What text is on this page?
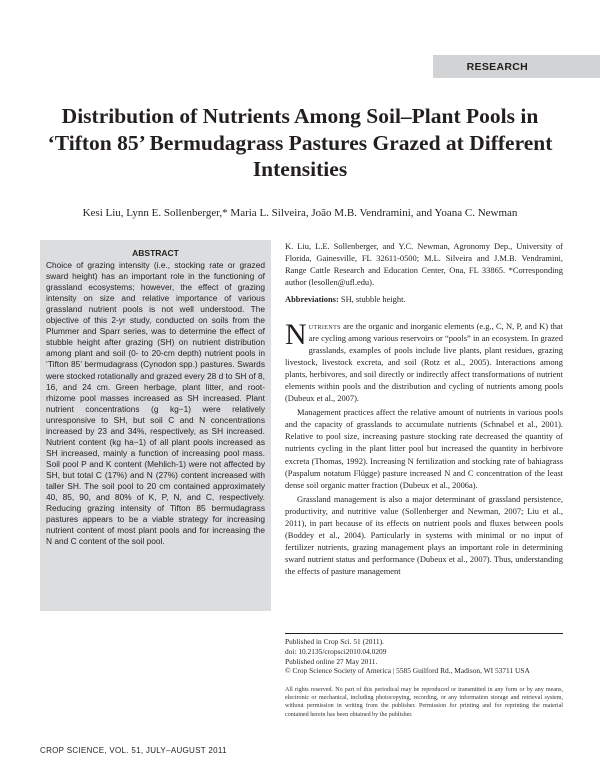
RESEARCH
Distribution of Nutrients Among Soil–Plant Pools in ‘Tifton 85’ Bermudagrass Pastures Grazed at Different Intensities
Kesi Liu, Lynn E. Sollenberger,* Maria L. Silveira, João M.B. Vendramini, and Yoana C. Newman
ABSTRACT
Choice of grazing intensity (i.e., stocking rate or grazed sward height) has an important role in the functioning of grassland ecosystems; however, the effect of grazing intensity on size and relative importance of various grassland nutrient pools is not well understood. The objective of this 2-yr study, conducted on soils from the Plummer and Sparr series, was to determine the effect of stubble height after grazing (SH) on nutrient distribution among plant and soil (0- to 20-cm depth) nutrient pools in ‘Tifton 85’ bermudagrass (Cynodon spp.) pastures. Swards were stocked rotationally and grazed every 28 d to SH of 8, 16, and 24 cm. Green herbage, plant litter, and root-rhizome pool masses increased as SH increased. Plant nutrient concentrations (g kg−1) were relatively unresponsive to SH, but soil C and N concentrations increased by 23 and 34%, respectively, as SH increased. Nutrient content (kg ha−1) of all plant pools increased as SH increased, mainly a function of increasing pool mass. Soil pool P and K content (Mehlich-1) were not affected by SH, but total C (17%) and N (27%) content increased with taller SH. The soil pool to 20 cm contained approximately 40, 85, 90, and 80% of K, P, N, and C, respectively. Reducing grazing intensity of Tifton 85 bermudagrass pastures appears to be a viable strategy for increasing nutrient content of most plant pools and for increasing the N and C content of the soil pool.
K. Liu, L.E. Sollenberger, and Y.C. Newman, Agronomy Dep., University of Florida, Gainesville, FL 32611-0500; M.L. Silveira and J.M.B. Vendramini, Range Cattle Research and Education Center, Ona, FL 33865. *Corresponding author (lesollen@ufl.edu).
Abbreviations: SH, stubble height.

Nutrients are the organic and inorganic elements (e.g., C, N, P, and K) that are cycling among various reservoirs or “pools” in an ecosystem. In grazed grasslands, examples of pools include live plants, plant residues, grazing livestock, livestock excreta, and soil (Rotz et al., 2005). Interactions among plants, herbivores, and soil directly or indirectly affect transformations of nutrient elements within pools and the distribution and cycling of nutrients among pools (Dubeux et al., 2007).

Management practices affect the relative amount of nutrients in various pools and the capacity of grasslands to accumulate nutrients (Schnabel et al., 2001). Relative to pool size, increasing pasture stocking rate decreased the quantity of nutrients cycling in the plant litter pool but increased the quantity in herbivore excreta (Thomas, 1992). Increasing N fertilization and stocking rate of bahiagrass (Paspalum notatum Flügge) pasture increased N and C concentration of the least dense soil organic matter fraction (Dubeux et al., 2006a).

Grassland management is also a major determinant of grassland persistence, productivity, and nutritive value (Sollenberger and Newman, 2007; Liu et al., 2011), in part because of its effects on nutrient pools and fluxes between pools (Boddey et al., 2004). Particularly in systems with minimal or no input of fertilizer nutrients, grazing management plays an important role in determining sward nutrient status and performance (Dubeux et al., 2007). Thus, understanding the effects of pasture management

Published in Crop Sci. 51 (2011).
doi: 10.2135/cropsci2010.04.0209
Published online 27 May 2011.
© Crop Science Society of America | 5585 Guilford Rd., Madison, WI 53711 USA
All rights reserved. No part of this periodical may be reproduced or transmitted in any form or by any means, electronic or mechanical, including photocopying, recording, or any information storage and retrieval system, without permission in writing from the publisher. Permission for printing and for reprinting the material contained herein has been obtained by the publisher.
CROP SCIENCE, VOL. 51, JULY–AUGUST 2011
